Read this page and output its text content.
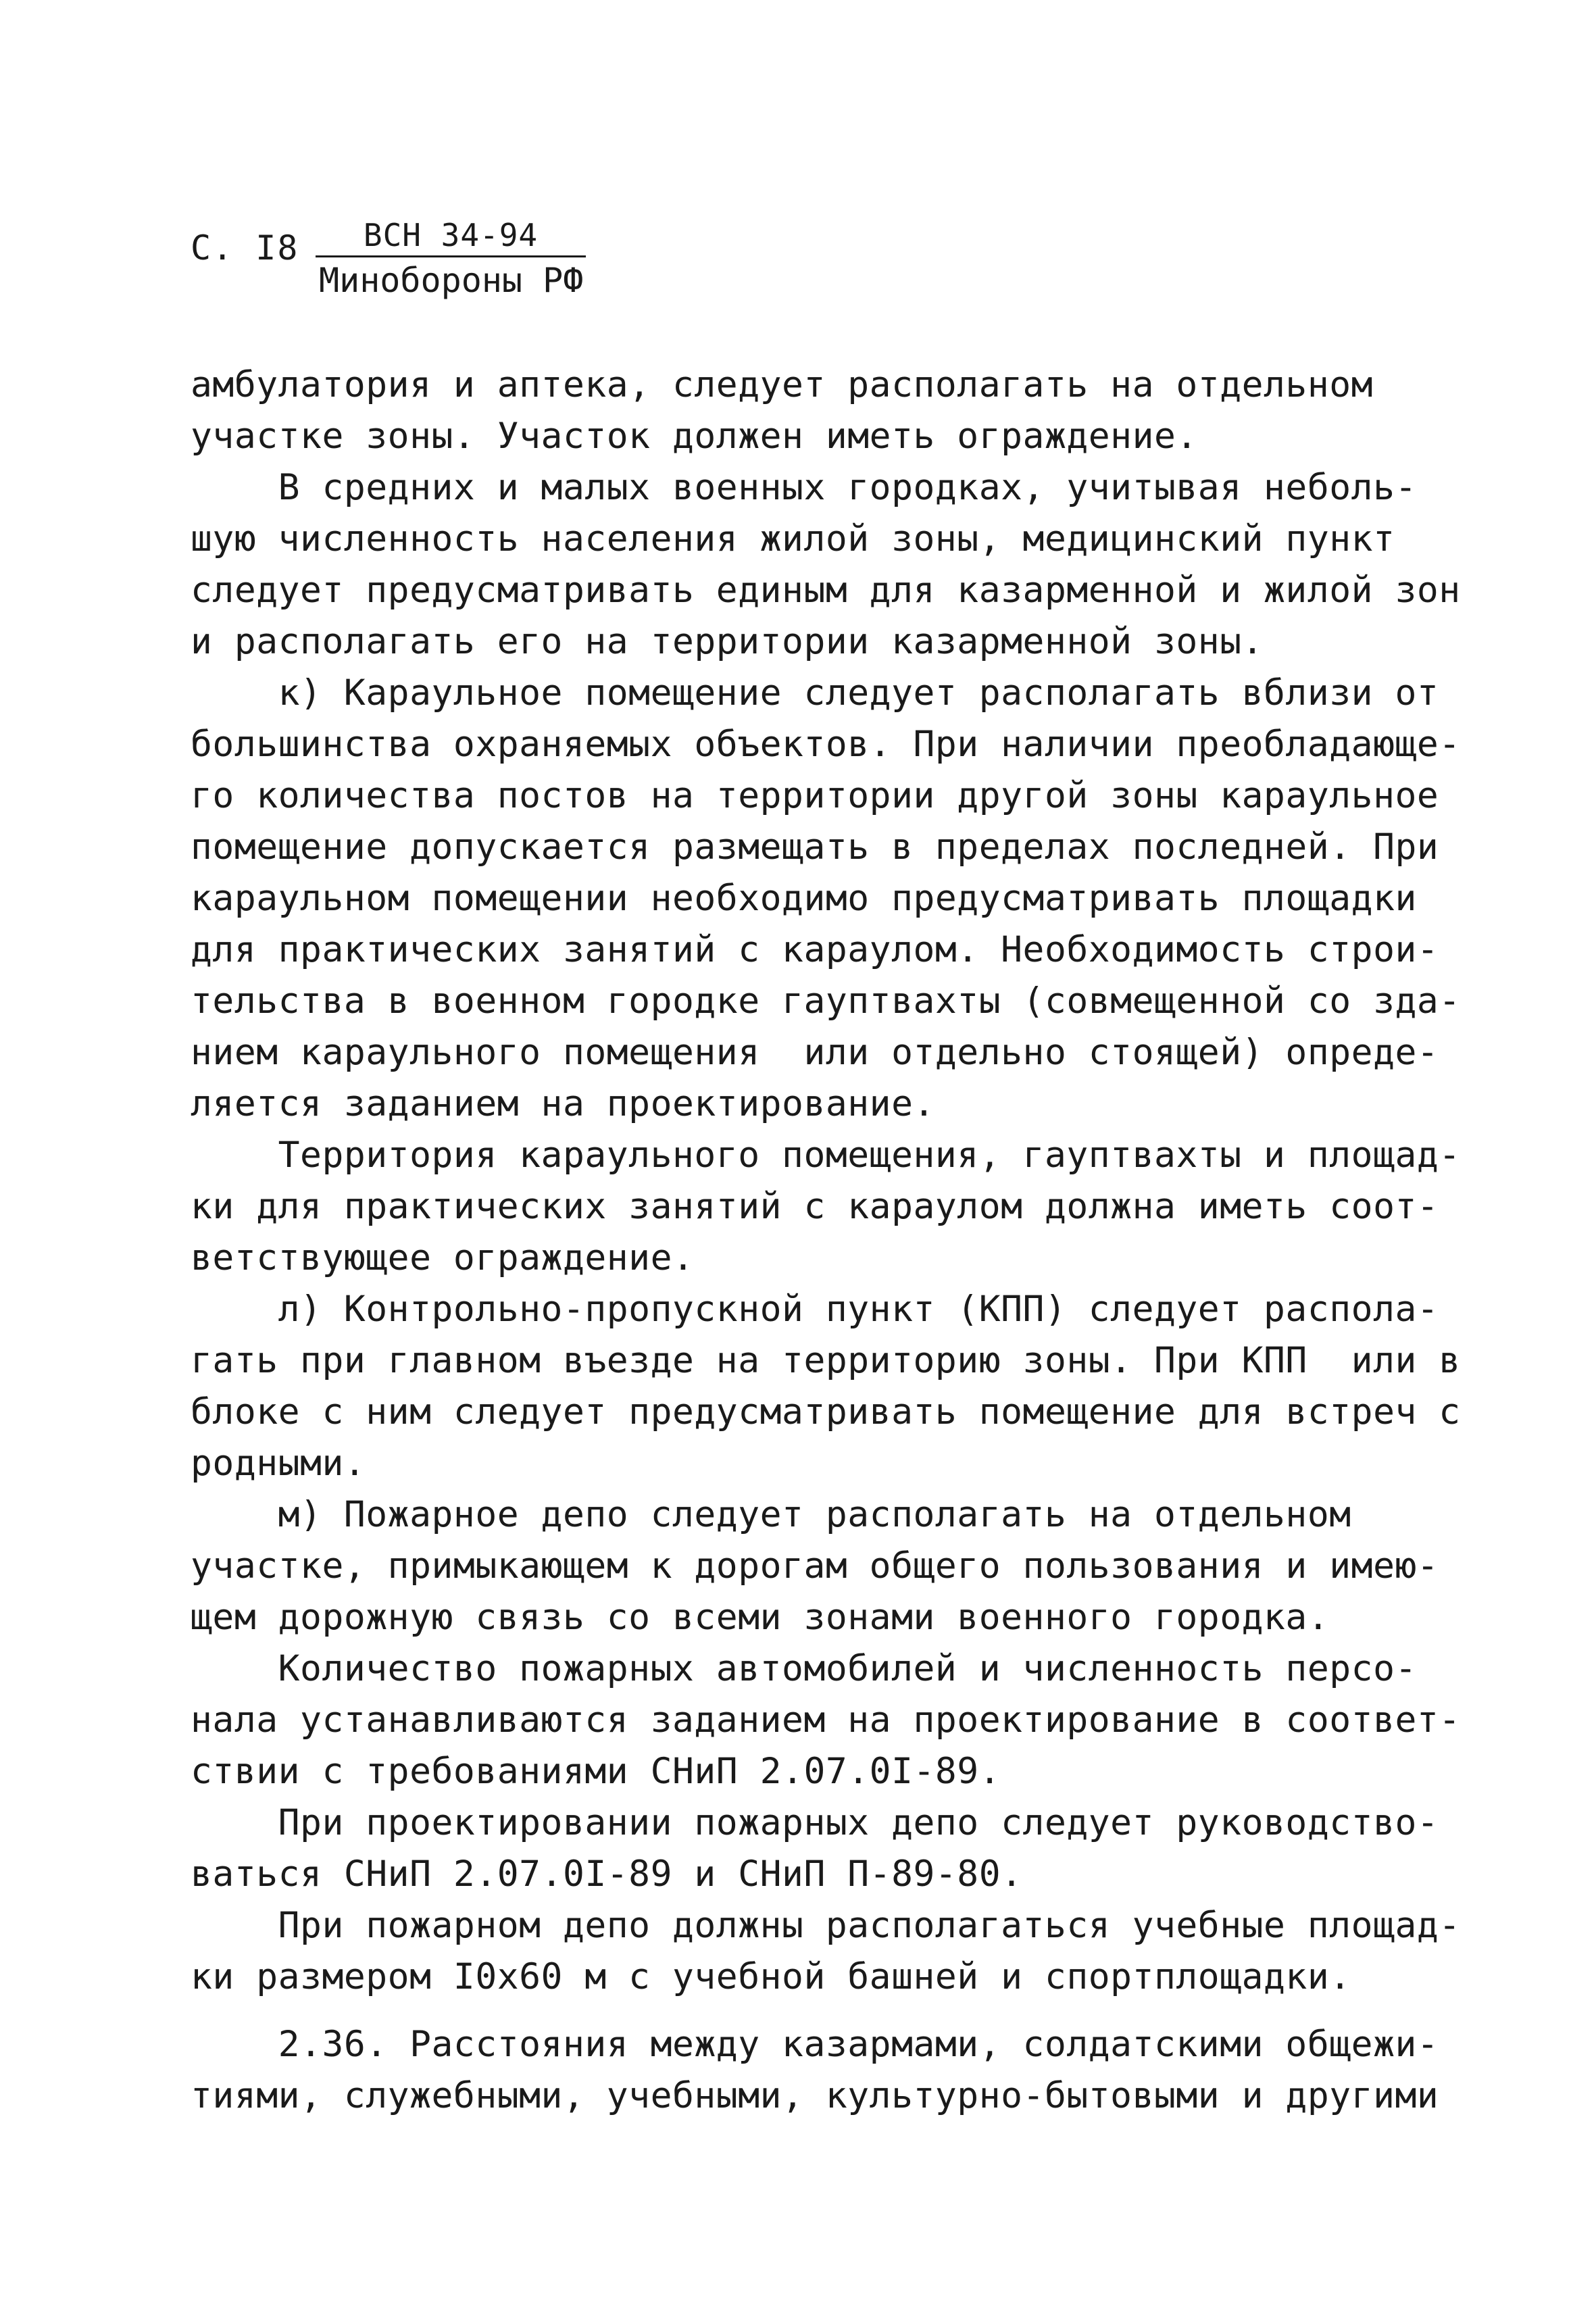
С. I8	ВСН 34-94
Минобороны РФ
амбулатория и аптека, следует располагать на отдельном
участке зоны. Участок должен иметь ограждение.
В средних и малых военных городках, учитывая неболь-
шую численность населения жилой зоны, медицинский пункт
следует предусматривать единым для казарменной и жилой зон
и располагать его на территории казарменной зоны.
к) Караульное помещение следует располагать вблизи от
большинства охраняемых объектов. При наличии преобладающе-
го количества постов на территории другой зоны караульное
помещение допускается размещать в пределах последней. При
караульном помещении необходимо предусматривать площадки
для практических занятий с караулом. Необходимость строи-
тельства в военном городке гауптвахты (совмещенной со зда-
нием караульного помещения  или отдельно стоящей) опреде-
ляется заданием на проектирование.
Территория караульного помещения, гауптвахты и площад-
ки для практических занятий с караулом должна иметь соот-
ветствующее ограждение.
л) Контрольно-пропускной пункт (КПП) следует распола-
гать при главном въезде на территорию зоны. При КПП  или в
блоке с ним следует предусматривать помещение для встреч с
родными.
м) Пожарное депо следует располагать на отдельном
участке, примыкающем к дорогам общего пользования и имею-
щем дорожную связь со всеми зонами военного городка.
Количество пожарных автомобилей и численность персо-
нала устанавливаются заданием на проектирование в соответ-
ствии с требованиями СНиП 2.07.0I-89.
При проектировании пожарных депо следует руководство-
ваться СНиП 2.07.0I-89 и СНиП П-89-80.
При пожарном депо должны располагаться учебные площад-
ки размером I0х60 м с учебной башней и спортплощадки.
2.36. Расстояния между казармами, солдатскими общежи-
тиями, служебными, учебными, культурно-бытовыми и другими
